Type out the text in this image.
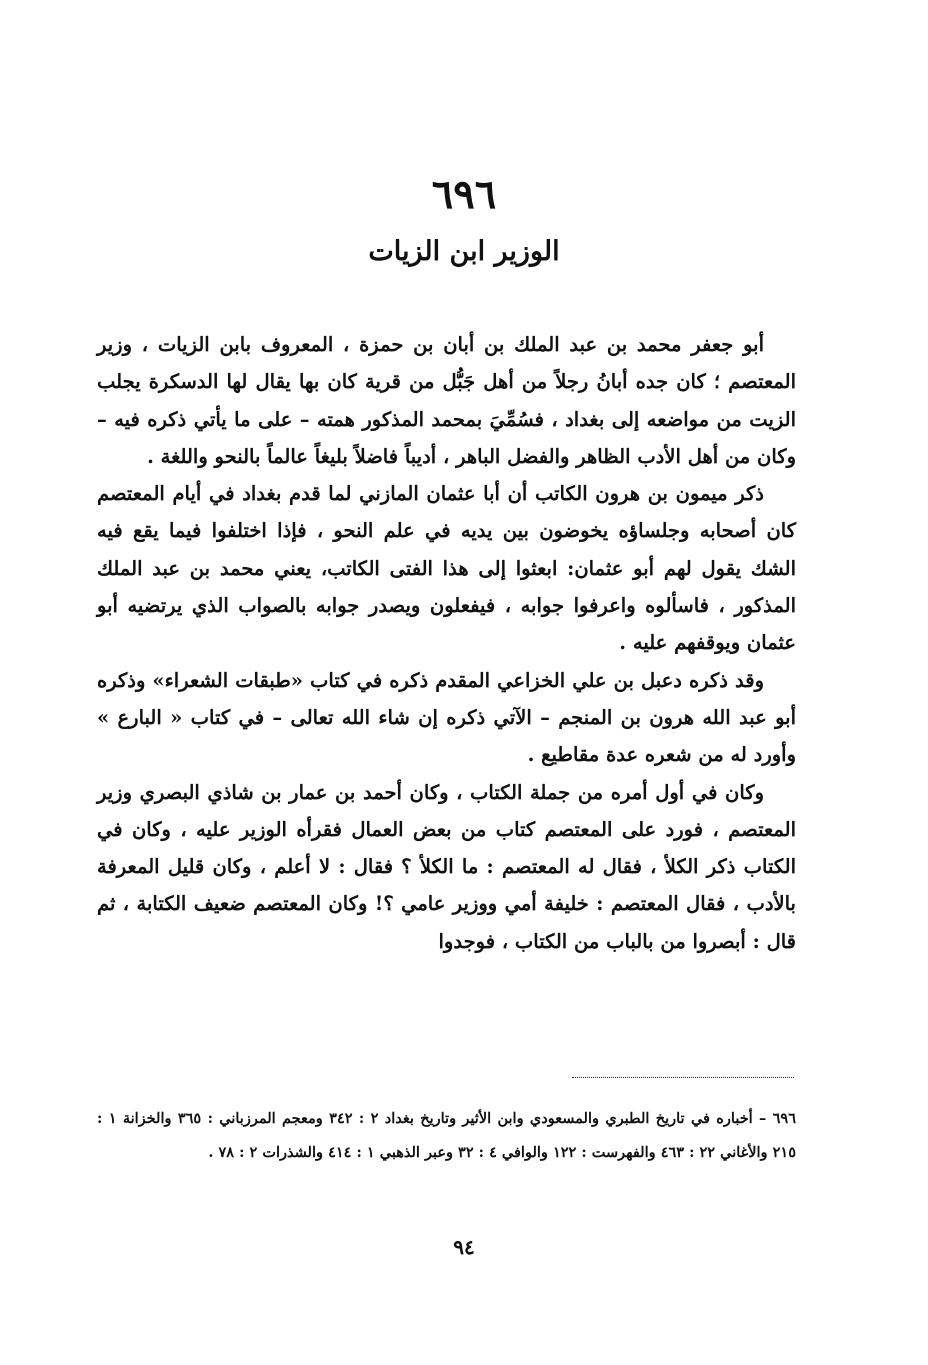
٦٩٦
الوزير ابن الزيات

أبو جعفر محمد بن عبد الملك بن أبان بن حمزة ، المعروف بابن الزيات ، وزير المعتصم ؛ كان جده أبانُ رجلاً من أهل جَبُّل من قرية كان بها يقال لها الدسكرة يجلب الزيت من مواضعه إلى بغداد ، فسُمِّيَ بمحمد المذكور همته – على ما يأتي ذكره فيه – وكان من أهل الأدب الظاهر والفضل الباهر ، أديباً فاضلاً بليغاً عالماً بالنحو واللغة .

ذكر ميمون بن هرون الكاتب أن أبا عثمان المازني لما قدم بغداد في أيام المعتصم كان أصحابه وجلساؤه يخوضون بين يديه في علم النحو ، فإذا اختلفوا فيما يقع فيه الشك يقول لهم أبو عثمان: ابعثوا إلى هذا الفتى الكاتب، يعني محمد بن عبد الملك المذكور ، فاسألوه واعرفوا جوابه ، فيفعلون ويصدر جوابه بالصواب الذي يرتضيه أبو عثمان ويوقفهم عليه .

وقد ذكره دعبل بن علي الخزاعي المقدم ذكره في كتاب «طبقات الشعراء» وذكره أبو عبد الله هرون بن المنجم – الآتي ذكره إن شاء الله تعالى – في كتاب « البارع » وأورد له من شعره عدة مقاطيع .

وكان في أول أمره من جملة الكتاب ، وكان أحمد بن عمار بن شاذي البصري وزير المعتصم ، فورد على المعتصم كتاب من بعض العمال فقرأه الوزير عليه ، وكان في الكتاب ذكر الكلأ ، فقال له المعتصم : ما الكلأ ؟ فقال : لا أعلم ، وكان قليل المعرفة بالأدب ، فقال المعتصم : خليفة أمي ووزير عامي ؟! وكان المعتصم ضعيف الكتابة ، ثم قال : أبصروا من بالباب من الكتاب ، فوجدوا

٦٩٦ – أخباره في تاريخ الطبري والمسعودي وابن الأثير وتاريخ بغداد ٢ : ٣٤٢ ومعجم المرزباني : ٣٦٥ والخزانة ١ : ٢١٥ والأغاني ٢٢ : ٤٦٣ والفهرست : ١٢٢ والوافي ٤ : ٣٢ وعبر الذهبي ١ : ٤١٤ والشذرات ٢ : ٧٨ .

٩٤
